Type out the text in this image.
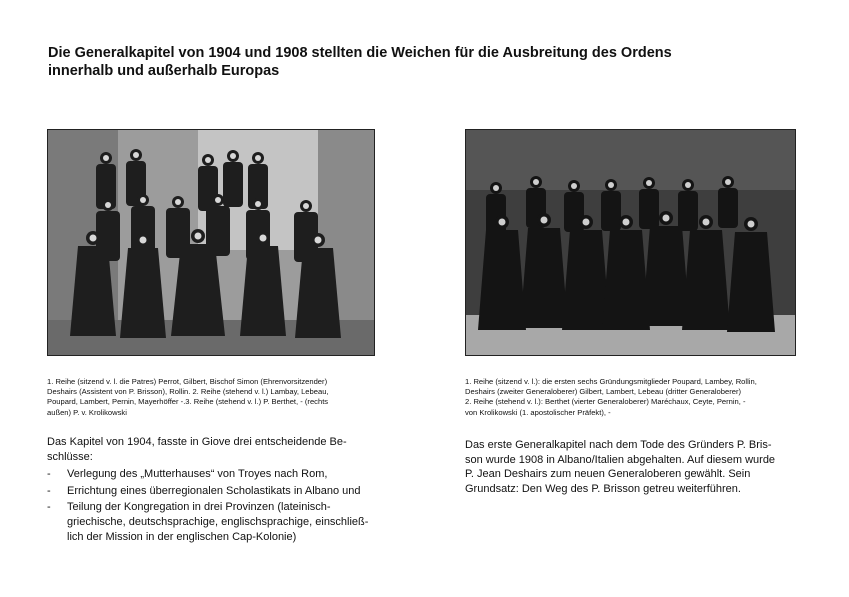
Die Generalkapitel von 1904 und 1908 stellten die Weichen für die Ausbreitung des Ordens
innerhalb und außerhalb Europas

1. Reihe (sitzend v. l. die Patres) Perrot, Gilbert, Bischof Simon (Ehrenvorsitzender)
Deshairs (Assistent von P. Brisson), Rollin. 2. Reihe (stehend v. l.) Lambay, Lebeau,
Poupard, Lambert, Pernin, Mayerhöffer -.3. Reihe (stehend v. l.) P. Berthet, - (rechts
außen) P. v. Krolikowski

1. Reihe (sitzend v. l.): die ersten sechs Gründungsmitglieder Poupard, Lambey, Rollin,
Deshairs (zweiter Generaloberer) Gilbert, Lambert, Lebeau (dritter Generaloberer)
2. Reihe (stehend v. l.): Berthet (vierter Generaloberer) Maréchaux, Ceyte, Pernin, -
von Krolikowski (1. apostolischer Präfekt), -

Das Kapitel von 1904, fasste in Giove drei entscheidende Be-
schlüsse:
- Verlegung des „Mutterhauses“ von Troyes nach Rom,
- Errichtung eines überregionalen Scholastikats in Albano und
- Teilung der Kongregation in drei Provinzen (lateinisch-
griechische, deutschsprachige, englischsprachige, einschließ-
lich der Mission in der englischen Cap-Kolonie)
Das erste Generalkapitel nach dem Tode des Gründers P. Bris-
son wurde 1908 in Albano/Italien abgehalten. Auf diesem wurde
P. Jean Deshairs zum neuen Generaloberen gewählt. Sein
Grundsatz: Den Weg des P. Brisson getreu weiterführen.
